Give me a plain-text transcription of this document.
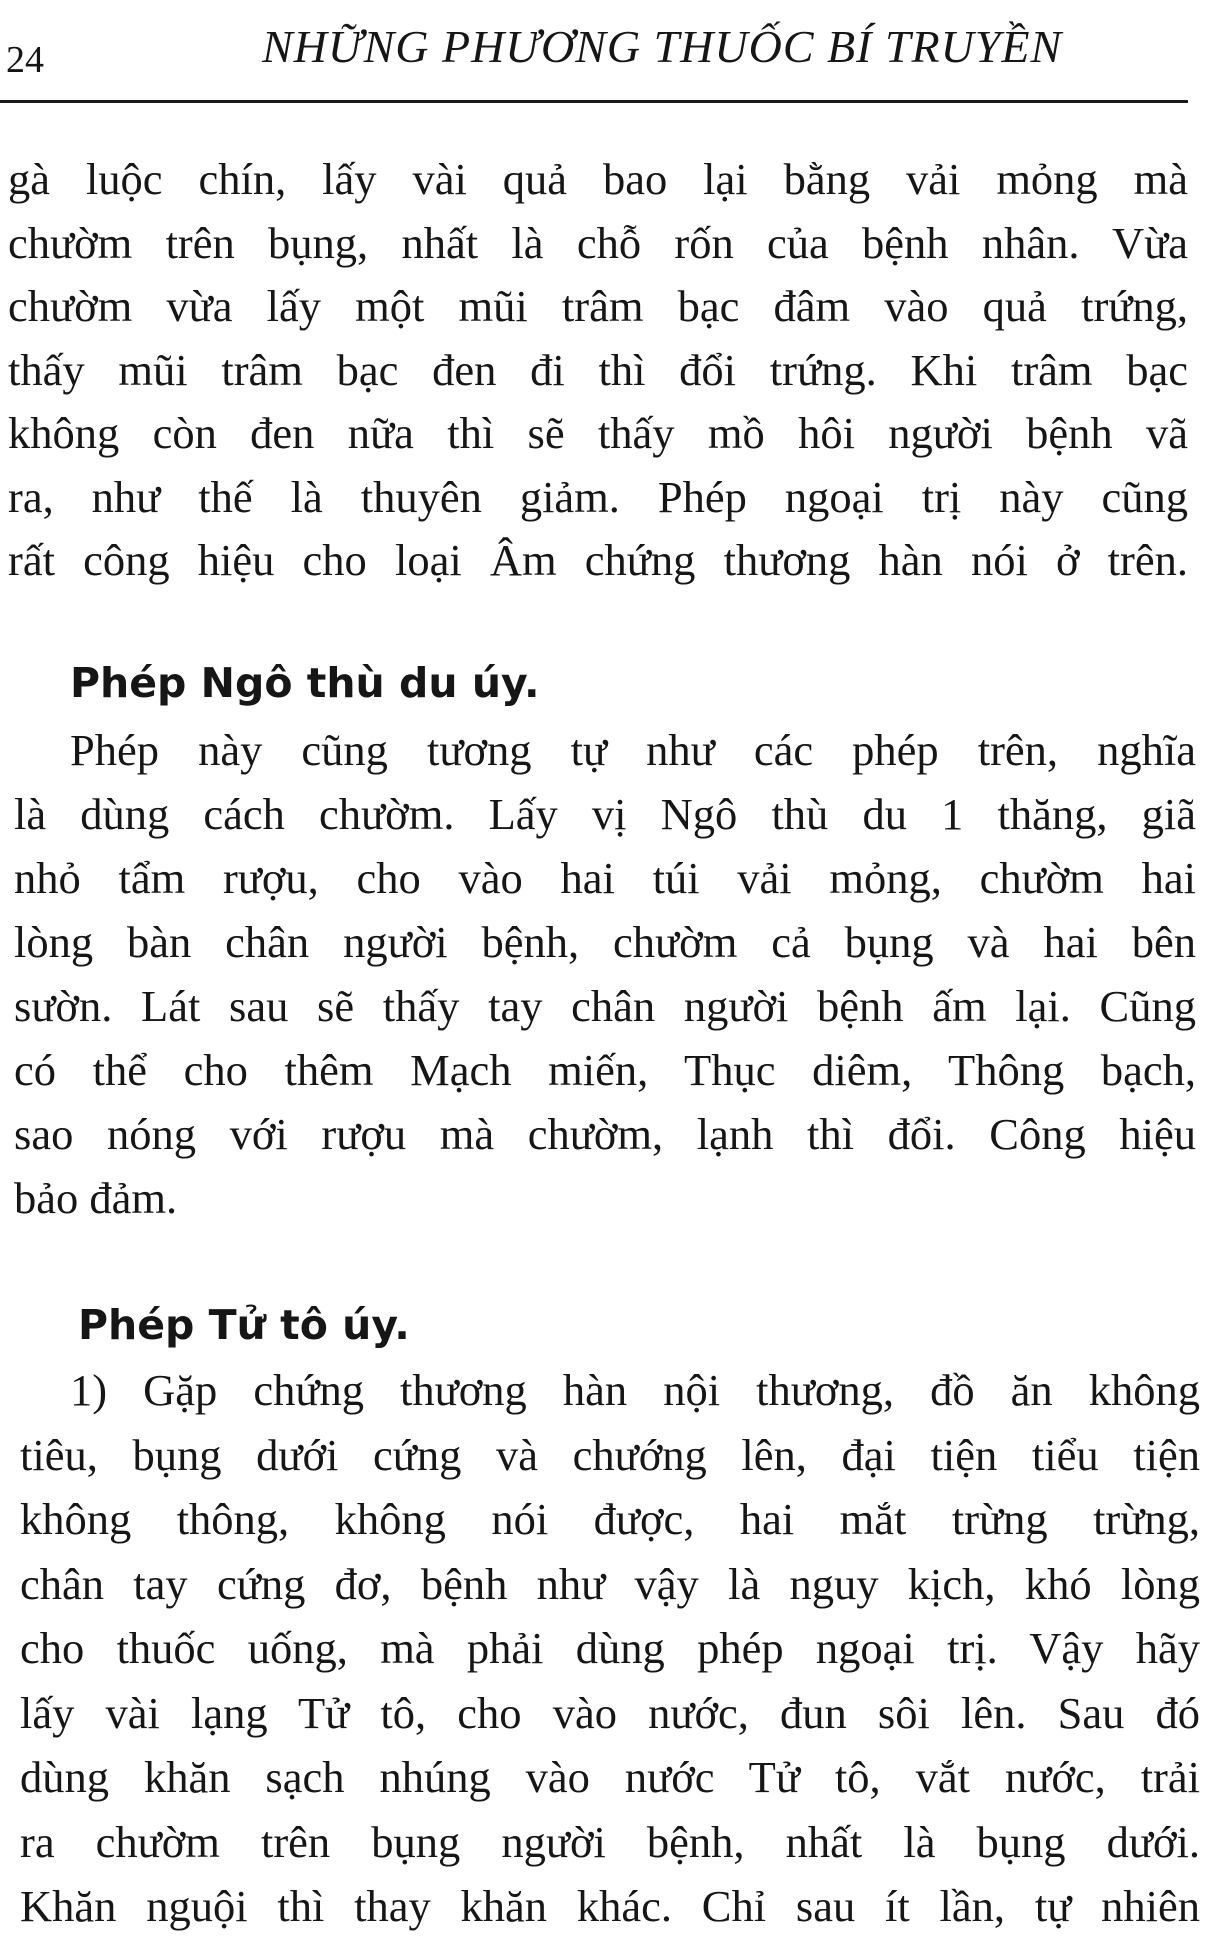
24	NHỮNG PHƯƠNG THUỐC BÍ TRUYỀN
gà luộc chín, lấy vài quả bao lại bằng vải mỏng mà
chườm trên bụng, nhất là chỗ rốn của bệnh nhân. Vừa
chườm vừa lấy một mũi trâm bạc đâm vào quả trứng,
thấy mũi trâm bạc đen đi thì đổi trứng. Khi trâm bạc
không còn đen nữa thì sẽ thấy mồ hôi người bệnh vã
ra, như thế là thuyên giảm. Phép ngoại trị này cũng
rất công hiệu cho loại Âm chứng thương hàn nói ở trên.
Phép Ngô thù du úy.
Phép này cũng tương tự như các phép trên, nghĩa
là dùng cách chườm. Lấy vị Ngô thù du 1 thăng, giã
nhỏ tẩm rượu, cho vào hai túi vải mỏng, chườm hai
lòng bàn chân người bệnh, chườm cả bụng và hai bên
sườn. Lát sau sẽ thấy tay chân người bệnh ấm lại. Cũng
có thể cho thêm Mạch miến, Thục diêm, Thông bạch,
sao nóng với rượu mà chườm, lạnh thì đổi. Công hiệu
bảo đảm.
Phép Tử tô úy.
1) Gặp chứng thương hàn nội thương, đồ ăn không
tiêu, bụng dưới cứng và chướng lên, đại tiện tiểu tiện
không thông, không nói được, hai mắt trừng trừng,
chân tay cứng đơ, bệnh như vậy là nguy kịch, khó lòng
cho thuốc uống, mà phải dùng phép ngoại trị. Vậy hãy
lấy vài lạng Tử tô, cho vào nước, đun sôi lên. Sau đó
dùng khăn sạch nhúng vào nước Tử tô, vắt nước, trải
ra chườm trên bụng người bệnh, nhất là bụng dưới.
Khăn nguội thì thay khăn khác. Chỉ sau ít lần, tự nhiên
